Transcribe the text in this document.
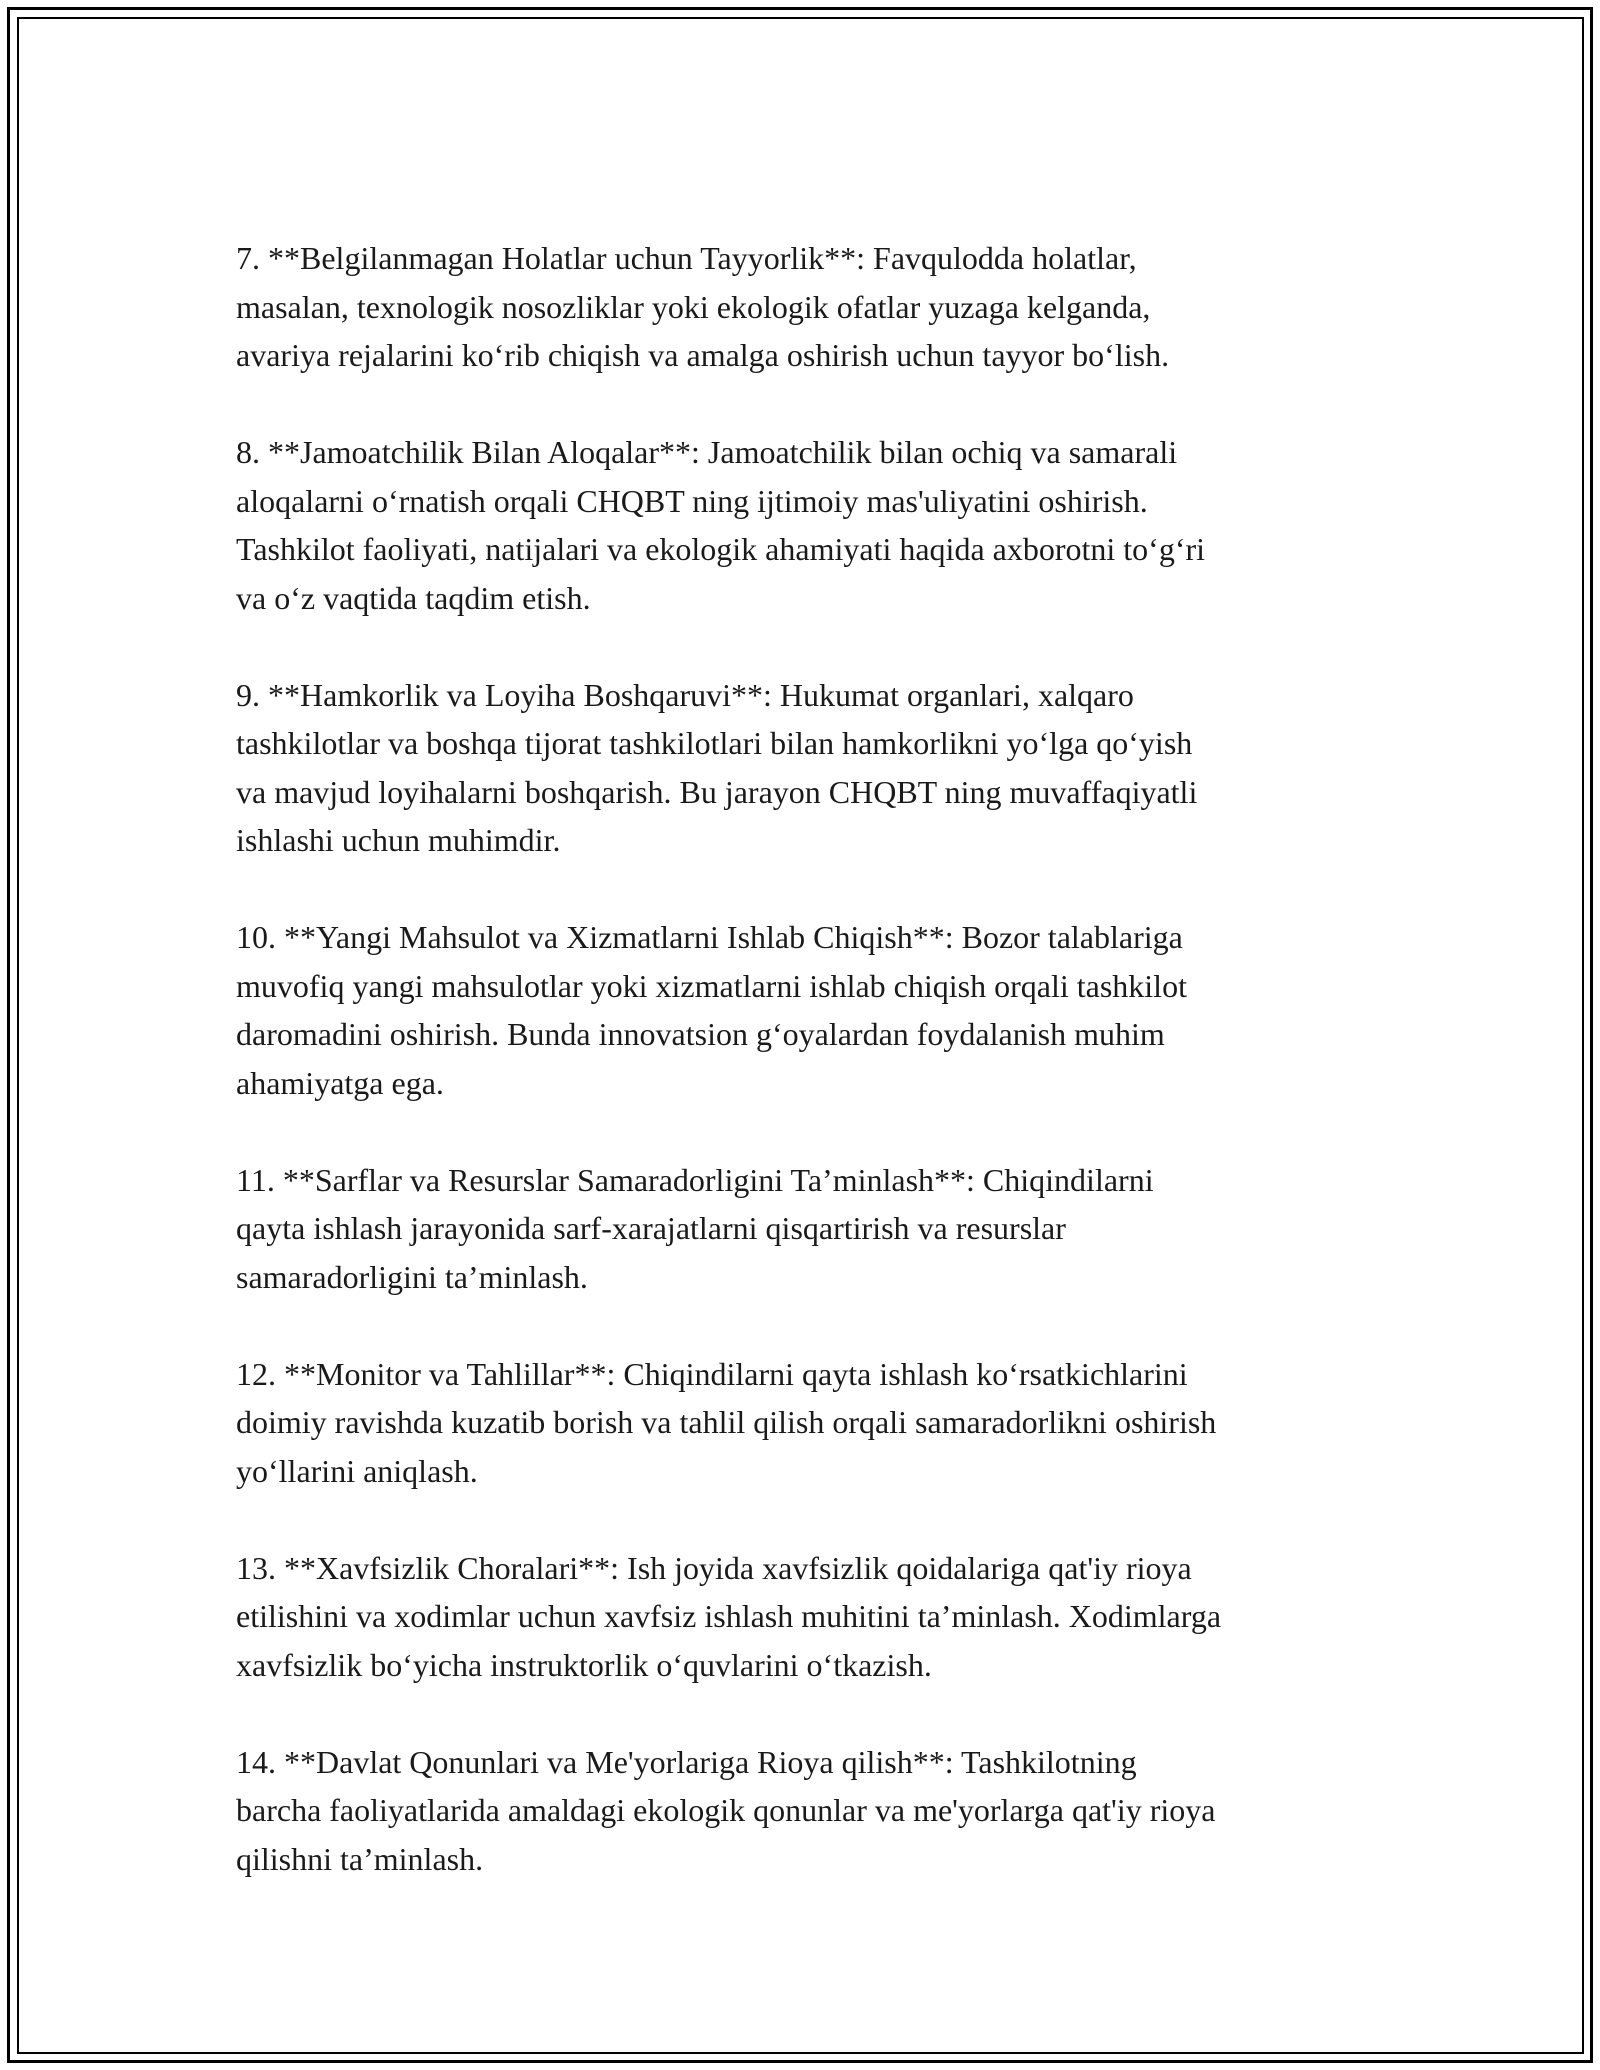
7. **Belgilanmagan Holatlar uchun Tayyorlik**: Favqulodda holatlar,
masalan, texnologik nosozliklar yoki ekologik ofatlar yuzaga kelganda,
avariya rejalarini koʻrib chiqish va amalga oshirish uchun tayyor boʻlish.
8. **Jamoatchilik Bilan Aloqalar**: Jamoatchilik bilan ochiq va samarali
aloqalarni oʻrnatish orqali CHQBT ning ijtimoiy mas'uliyatini oshirish.
Tashkilot faoliyati, natijalari va ekologik ahamiyati haqida axborotni toʻgʻri
va oʻz vaqtida taqdim etish.
9. **Hamkorlik va Loyiha Boshqaruvi**: Hukumat organlari, xalqaro
tashkilotlar va boshqa tijorat tashkilotlari bilan hamkorlikni yoʻlga qoʻyish
va mavjud loyihalarni boshqarish. Bu jarayon CHQBT ning muvaffaqiyatli
ishlashi uchun muhimdir.
10. **Yangi Mahsulot va Xizmatlarni Ishlab Chiqish**: Bozor talablariga
muvofiq yangi mahsulotlar yoki xizmatlarni ishlab chiqish orqali tashkilot
daromadini oshirish. Bunda innovatsion gʻoyalardan foydalanish muhim
ahamiyatga ega.
11. **Sarflar va Resurslar Samaradorligini Ta’minlash**: Chiqindilarni
qayta ishlash jarayonida sarf-xarajatlarni qisqartirish va resurslar
samaradorligini ta’minlash.
12. **Monitor va Tahlillar**: Chiqindilarni qayta ishlash koʻrsatkichlarini
doimiy ravishda kuzatib borish va tahlil qilish orqali samaradorlikni oshirish
yoʻllarini aniqlash.
13. **Xavfsizlik Choralari**: Ish joyida xavfsizlik qoidalariga qat'iy rioya
etilishini va xodimlar uchun xavfsiz ishlash muhitini ta’minlash. Xodimlarga
xavfsizlik boʻyicha instruktorlik oʻquvlarini oʻtkazish.
14. **Davlat Qonunlari va Me'yorlariga Rioya qilish**: Tashkilotning
barcha faoliyatlarida amaldagi ekologik qonunlar va me'yorlarga qat'iy rioya
qilishni ta’minlash.
